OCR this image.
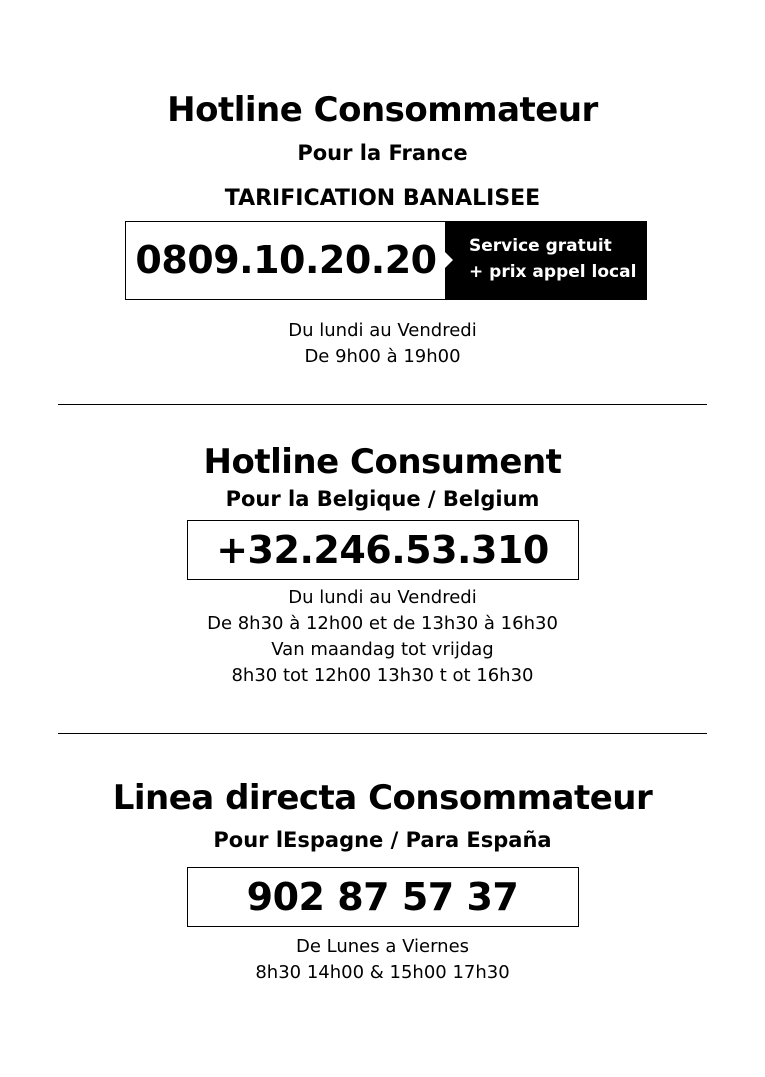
Hotline Consommateur
Pour la France
TARIFICATION BANALISEE
0809.10.20.20	Service gratuit
+ prix appel local
Du lundi au Vendredi
De 9h00 à 19h00
Hotline Consument
Pour la Belgique / Belgium
+32.246.53.310
Du lundi au Vendredi
De 8h30 à 12h00 et de 13h30 à 16h30
Van maandag tot vrijdag
8h30 tot 12h00 13h30 t ot 16h30
Linea directa Consommateur
Pour lEspagne / Para España
902 87 57 37
De Lunes a Viernes
8h30 14h00 & 15h00 17h30
